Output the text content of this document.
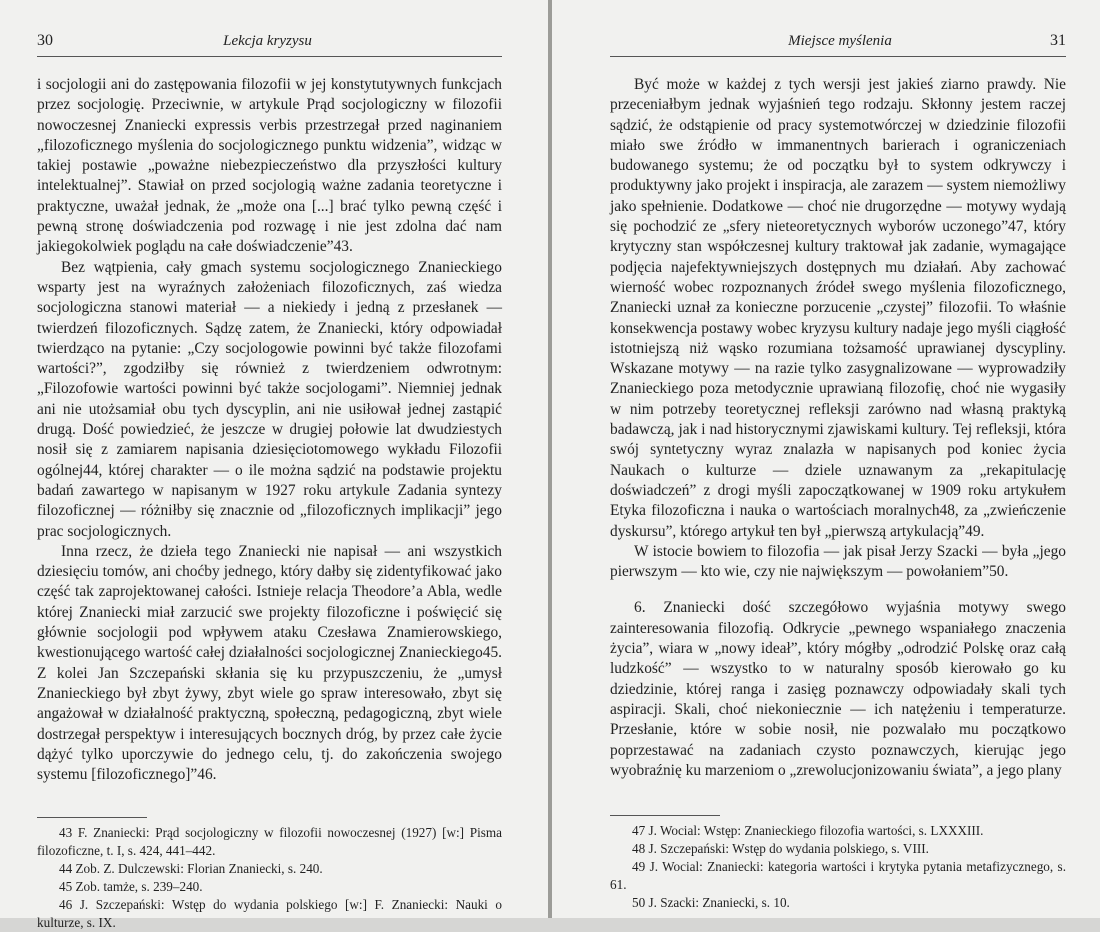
30	Lekcja kryzysu

i socjologii ani do zastępowania filozofii w jej konstytutywnych funkcjach przez socjologię. Przeciwnie, w artykule Prąd socjologiczny w filozofii nowoczesnej Znaniecki expressis verbis przestrzegał przed naginaniem „filozoficznego myślenia do socjologicznego punktu widzenia”, widząc w takiej postawie „poważne niebezpieczeństwo dla przyszłości kultury intelektualnej”. Stawiał on przed socjologią ważne zadania teoretyczne i praktyczne, uważał jednak, że „może ona [...] brać tylko pewną część i pewną stronę doświadczenia pod rozwagę i nie jest zdolna dać nam jakiegokolwiek poglądu na całe doświadczenie”43.

Bez wątpienia, cały gmach systemu socjologicznego Znanieckiego wsparty jest na wyraźnych założeniach filozoficznych, zaś wiedza socjologiczna stanowi materiał — a niekiedy i jedną z przesłanek — twierdzeń filozoficznych. Sądzę zatem, że Znaniecki, który odpowiadał twierdząco na pytanie: „Czy socjologowie powinni być także filozofami wartości?”, zgodziłby się również z twierdzeniem odwrotnym: „Filozofowie wartości powinni być także socjologami”. Niemniej jednak ani nie utożsamiał obu tych dyscyplin, ani nie usiłował jednej zastąpić drugą. Dość powiedzieć, że jeszcze w drugiej połowie lat dwudziestych nosił się z zamiarem napisania dziesięciotomowego wykładu Filozofii ogólnej44, której charakter — o ile można sądzić na podstawie projektu badań zawartego w napisanym w 1927 roku artykule Zadania syntezy filozoficznej — różniłby się znacznie od „filozoficznych implikacji” jego prac socjologicznych.

Inna rzecz, że dzieła tego Znaniecki nie napisał — ani wszystkich dziesięciu tomów, ani choćby jednego, który dałby się zidentyfikować jako część tak zaprojektowanej całości. Istnieje relacja Theodore’a Abla, wedle której Znaniecki miał zarzucić swe projekty filozoficzne i poświęcić się głównie socjologii pod wpływem ataku Czesława Znamierowskiego, kwestionującego wartość całej działalności socjologicznej Znanieckiego45. Z kolei Jan Szczepański skłania się ku przypuszczeniu, że „umysł Znanieckiego był zbyt żywy, zbyt wiele go spraw interesowało, zbyt się angażował w działalność praktyczną, społeczną, pedagogiczną, zbyt wiele dostrzegał perspektyw i interesujących bocznych dróg, by przez całe życie dążyć tylko uporczywie do jednego celu, tj. do zakończenia swojego systemu [filozoficznego]”46.

43 F. Znaniecki: Prąd socjologiczny w filozofii nowoczesnej (1927) [w:] Pisma filozoficzne, t. I, s. 424, 441–442.

44 Zob. Z. Dulczewski: Florian Znaniecki, s. 240.

45 Zob. tamże, s. 239–240.

46 J. Szczepański: Wstęp do wydania polskiego [w:] F. Znaniecki: Nauki o kulturze, s. IX.

Miejsce myślenia	31

Być może w każdej z tych wersji jest jakieś ziarno prawdy. Nie przeceniałbym jednak wyjaśnień tego rodzaju. Skłonny jestem raczej sądzić, że odstąpienie od pracy systemotwórczej w dziedzinie filozofii miało swe źródło w immanentnych barierach i ograniczeniach budowanego systemu; że od początku był to system odkrywczy i produktywny jako projekt i inspiracja, ale zarazem — system niemożliwy jako spełnienie. Dodatkowe — choć nie drugorzędne — motywy wydają się pochodzić ze „sfery nieteoretycznych wyborów uczonego”47, który krytyczny stan współczesnej kultury traktował jak zadanie, wymagające podjęcia najefektywniejszych dostępnych mu działań. Aby zachować wierność wobec rozpoznanych źródeł swego myślenia filozoficznego, Znaniecki uznał za konieczne porzucenie „czystej” filozofii. To właśnie konsekwencja postawy wobec kryzysu kultury nadaje jego myśli ciągłość istotniejszą niż wąsko rozumiana tożsamość uprawianej dyscypliny. Wskazane motywy — na razie tylko zasygnalizowane — wyprowadziły Znanieckiego poza metodycznie uprawianą filozofię, choć nie wygasiły w nim potrzeby teoretycznej refleksji zarówno nad własną praktyką badawczą, jak i nad historycznymi zjawiskami kultury. Tej refleksji, która swój syntetyczny wyraz znalazła w napisanych pod koniec życia Naukach o kulturze — dziele uznawanym za „rekapitulację doświadczeń” z drogi myśli zapoczątkowanej w 1909 roku artykułem Etyka filozoficzna i nauka o wartościach moralnych48, za „zwieńczenie dyskursu”, którego artykuł ten był „pierwszą artykulacją”49.

W istocie bowiem to filozofia — jak pisał Jerzy Szacki — była „jego pierwszym — kto wie, czy nie największym — powołaniem”50.

6. Znaniecki dość szczegółowo wyjaśnia motywy swego zainteresowania filozofią. Odkrycie „pewnego wspaniałego znaczenia życia”, wiara w „nowy ideał”, który mógłby „odrodzić Polskę oraz całą ludzkość” — wszystko to w naturalny sposób kierowało go ku dziedzinie, której ranga i zasięg poznawczy odpowiadały skali tych aspiracji. Skali, choć niekoniecznie — ich natężeniu i temperaturze. Przesłanie, które w sobie nosił, nie pozwalało mu początkowo poprzestawać na zadaniach czysto poznawczych, kierując jego wyobraźnię ku marzeniom o „zrewolucjonizowaniu świata”, a jego plany

47 J. Wocial: Wstęp: Znanieckiego filozofia wartości, s. LXXXIII.

48 J. Szczepański: Wstęp do wydania polskiego, s. VIII.

49 J. Wocial: Znaniecki: kategoria wartości i krytyka pytania metafizycznego, s. 61.

50 J. Szacki: Znaniecki, s. 10.
